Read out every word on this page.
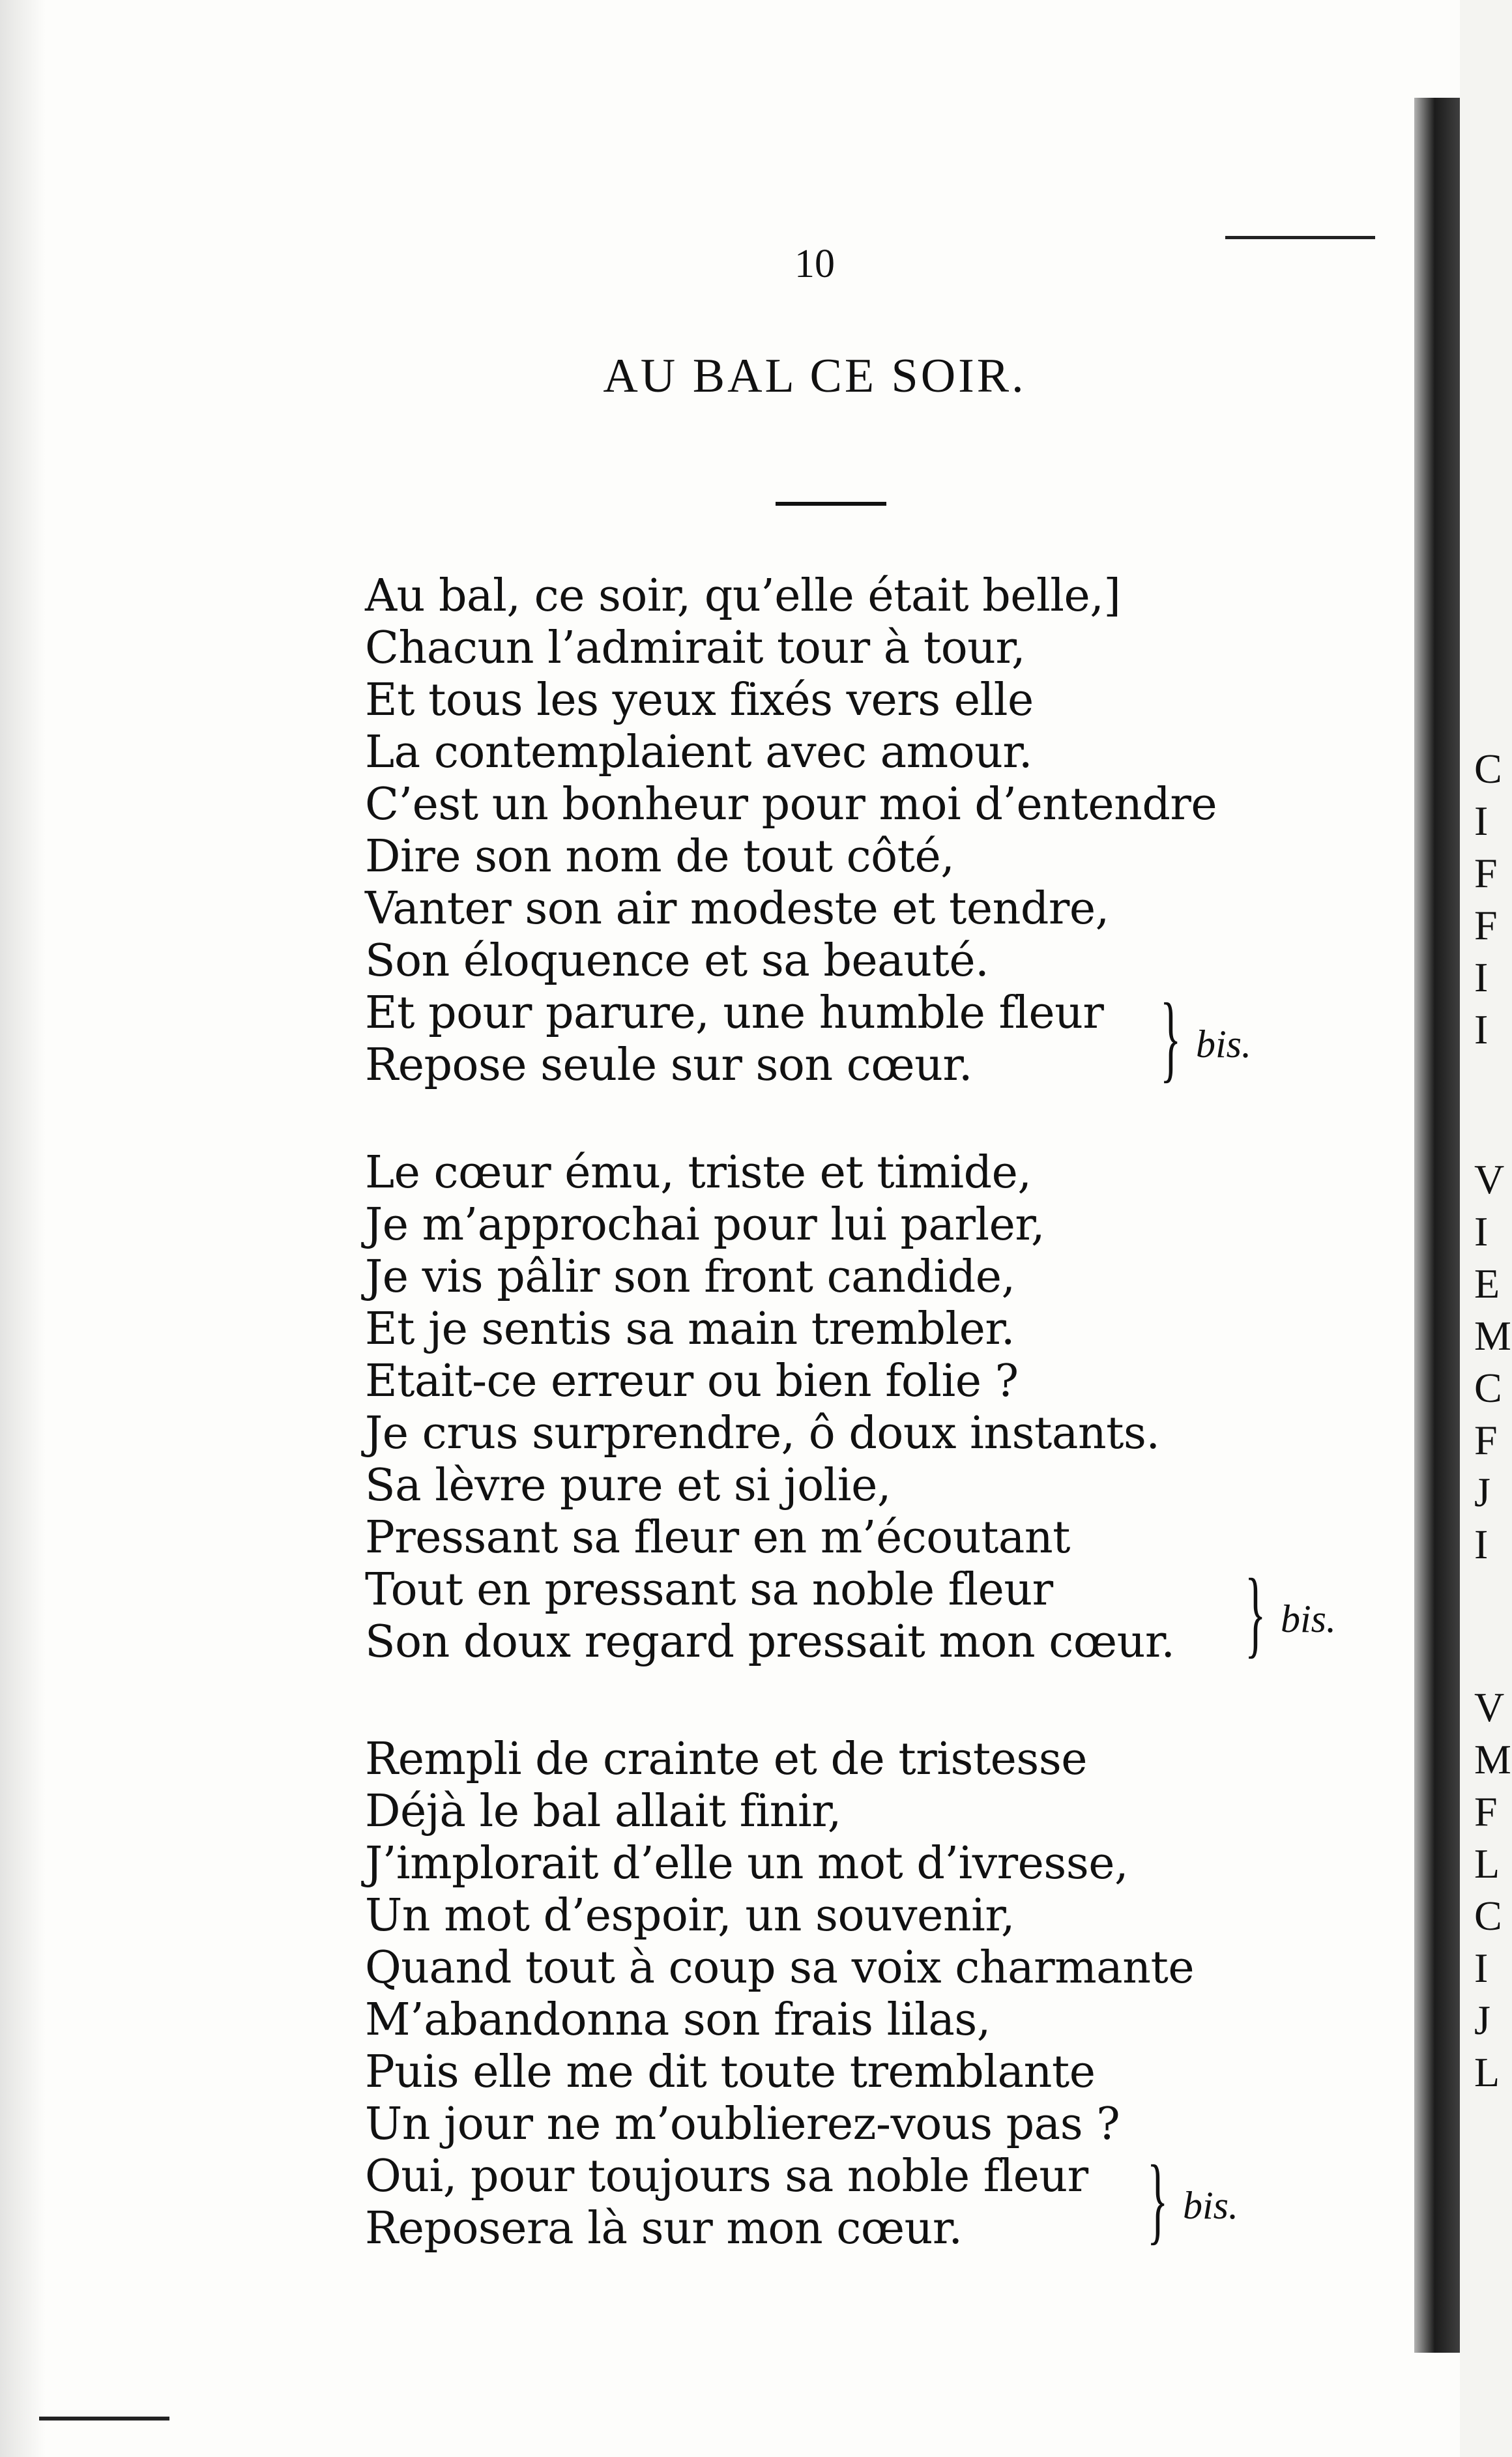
10
AU BAL CE SOIR.
Au bal, ce soir, qu’elle était belle,]
Chacun l’admirait tour à tour,
Et tous les yeux fixés vers elle
La contemplaient avec amour.
C’est un bonheur pour moi d’entendre
Dire son nom de tout côté,
Vanter son air modeste et tendre,
Son éloquence et sa beauté.
Et pour parure, une humble fleur
Repose seule sur son cœur.	} bis.
Le cœur ému, triste et timide,
Je m’approchai pour lui parler,
Je vis pâlir son front candide,
Et je sentis sa main trembler.
Etait-ce erreur ou bien folie ?
Je crus surprendre, ô doux instants.
Sa lèvre pure et si jolie,
Pressant sa fleur en m’écoutant
Tout en pressant sa noble fleur
Son doux regard pressait mon cœur. } bis.
Rempli de crainte et de tristesse
Déjà le bal allait finir,
J’implorait d’elle un mot d’ivresse,
Un mot d’espoir, un souvenir,
Quand tout à coup sa voix charmante
M’abandonna son frais lilas,
Puis elle me dit toute tremblante
Un jour ne m’oublierez-vous pas ?
Oui, pour toujours sa noble fleur
Reposera là sur mon cœur.	} bis.
C
I
F
F
I
I
V
I
E
M
C
F
J
I
V
M
F
L
C
I
J
L
